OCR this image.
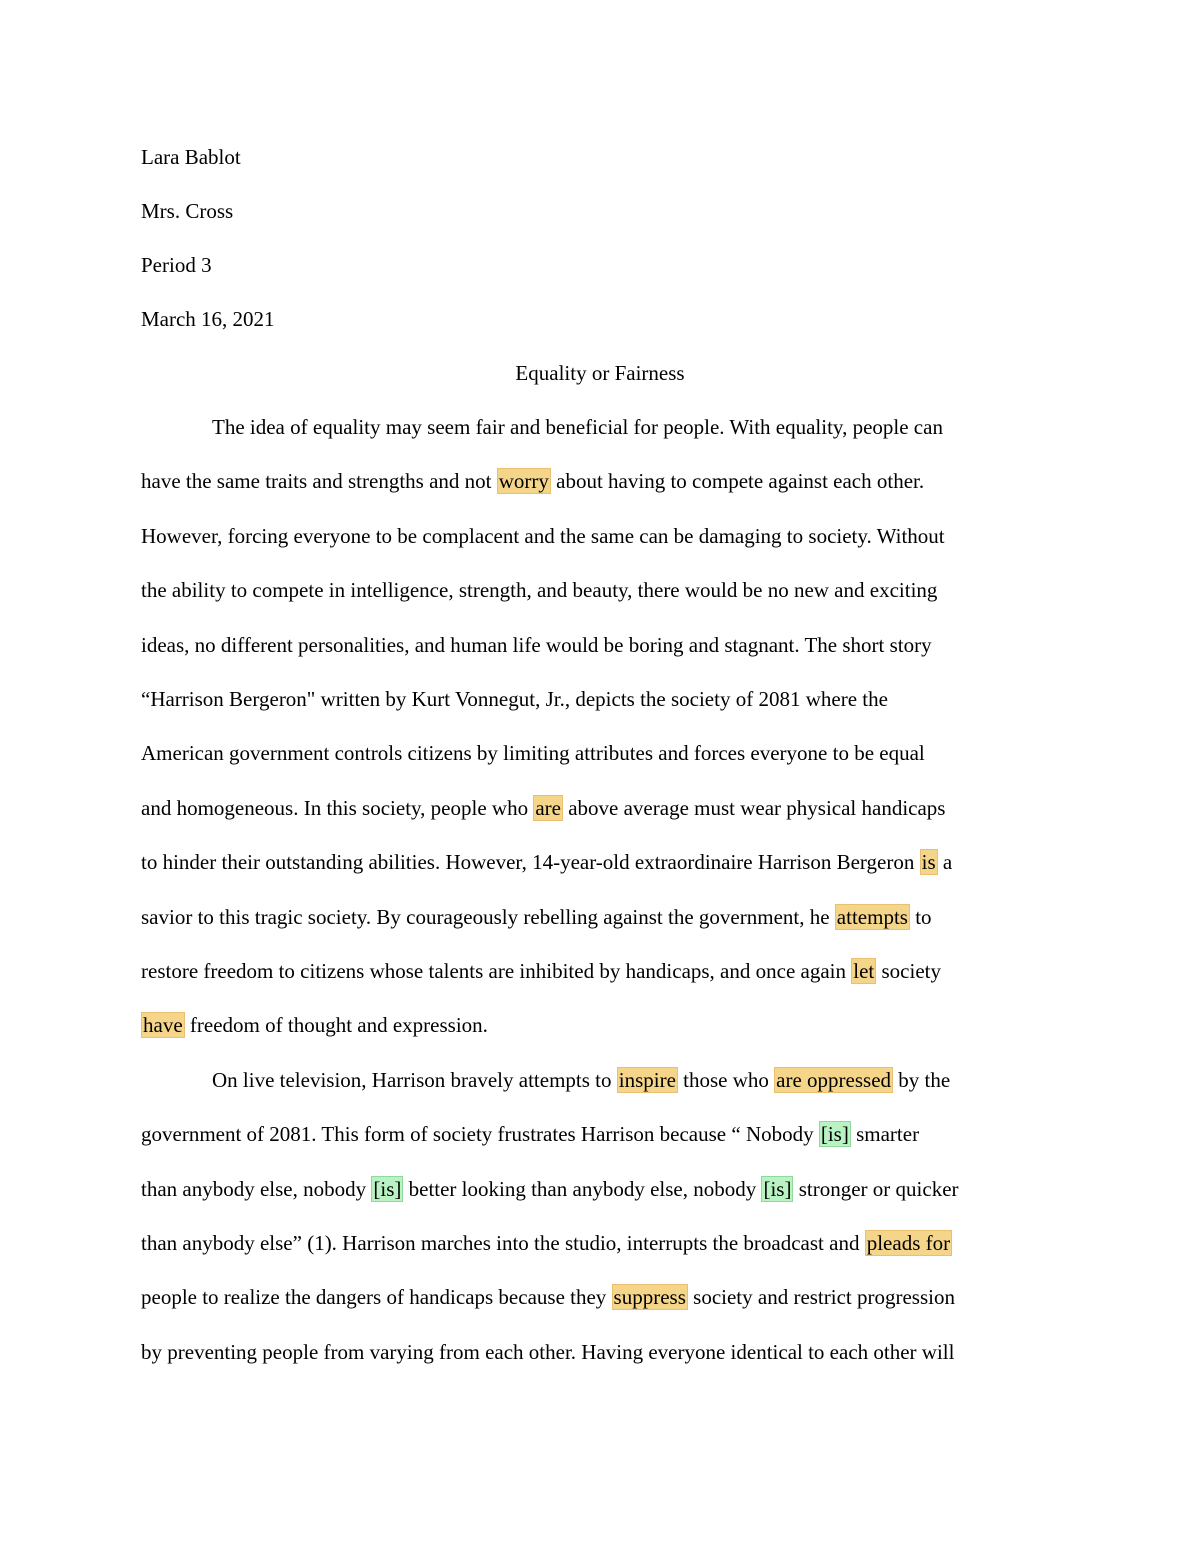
Lara Bablot
Mrs. Cross
Period 3
March 16, 2021
Equality or Fairness
The idea of equality may seem fair and beneficial for people. With equality, people can
have the same traits and strengths and not worry about having to compete against each other.
However, forcing everyone to be complacent and the same can be damaging to society. Without
the ability to compete in intelligence, strength, and beauty, there would be no new and exciting
ideas, no different personalities, and human life would be boring and stagnant. The short story
“Harrison Bergeron" written by Kurt Vonnegut, Jr., depicts the society of 2081 where the
American government controls citizens by limiting attributes and forces everyone to be equal
and homogeneous. In this society, people who are above average must wear physical handicaps
to hinder their outstanding abilities. However, 14-year-old extraordinaire Harrison Bergeron is a
savior to this tragic society. By courageously rebelling against the government, he attempts to
restore freedom to citizens whose talents are inhibited by handicaps, and once again let society
have freedom of thought and expression.
On live television, Harrison bravely attempts to inspire those who are oppressed by the
government of 2081. This form of society frustrates Harrison because “ Nobody [is] smarter
than anybody else, nobody [is] better looking than anybody else, nobody [is] stronger or quicker
than anybody else” (1). Harrison marches into the studio, interrupts the broadcast and pleads for
people to realize the dangers of handicaps because they suppress society and restrict progression
by preventing people from varying from each other. Having everyone identical to each other will
